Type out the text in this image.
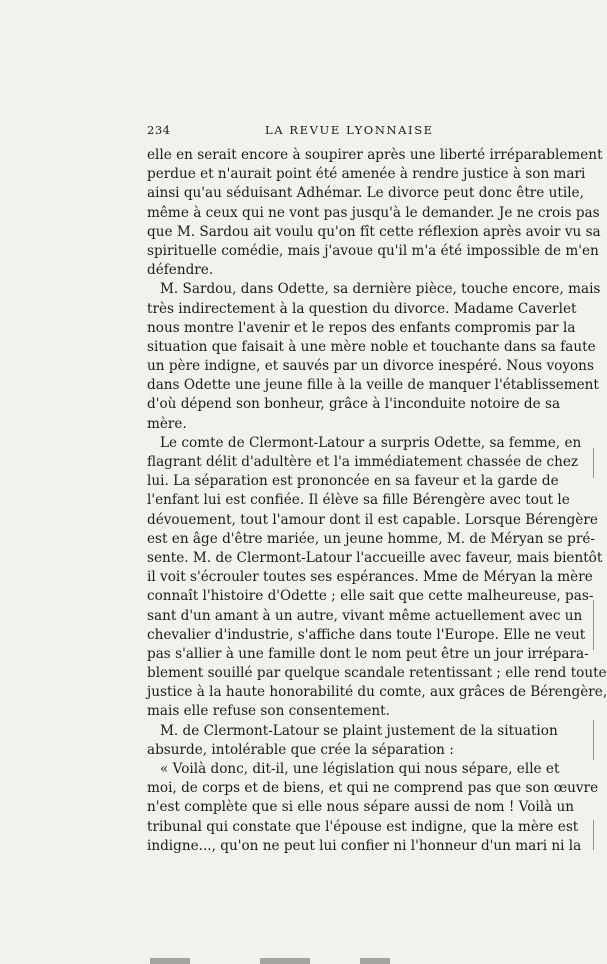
234	LA REVUE LYONNAISE
elle en serait encore à soupirer après une liberté irréparablement
perdue et n'aurait point été amenée à rendre justice à son mari
ainsi qu'au séduisant Adhémar. Le divorce peut donc être utile,
même à ceux qui ne vont pas jusqu'à le demander. Je ne crois pas
que M. Sardou ait voulu qu'on fît cette réflexion après avoir vu sa
spirituelle comédie, mais j'avoue qu'il m'a été impossible de m'en
défendre.
M. Sardou, dans Odette, sa dernière pièce, touche encore, mais
très indirectement à la question du divorce. Madame Caverlet
nous montre l'avenir et le repos des enfants compromis par la
situation que faisait à une mère noble et touchante dans sa faute
un père indigne, et sauvés par un divorce inespéré. Nous voyons
dans Odette une jeune fille à la veille de manquer l'établissement
d'où dépend son bonheur, grâce à l'inconduite notoire de sa
mère.
Le comte de Clermont-Latour a surpris Odette, sa femme, en
flagrant délit d'adultère et l'a immédiatement chassée de chez
lui. La séparation est prononcée en sa faveur et la garde de
l'enfant lui est confiée. Il élève sa fille Bérengère avec tout le
dévouement, tout l'amour dont il est capable. Lorsque Bérengère
est en âge d'être mariée, un jeune homme, M. de Méryan se pré-
sente. M. de Clermont-Latour l'accueille avec faveur, mais bientôt
il voit s'écrouler toutes ses espérances. Mme de Méryan la mère
connaît l'histoire d'Odette ; elle sait que cette malheureuse, pas-
sant d'un amant à un autre, vivant même actuellement avec un
chevalier d'industrie, s'affiche dans toute l'Europe. Elle ne veut
pas s'allier à une famille dont le nom peut être un jour irrépara-
blement souillé par quelque scandale retentissant ; elle rend toute
justice à la haute honorabilité du comte, aux grâces de Bérengère,
mais elle refuse son consentement.
M. de Clermont-Latour se plaint justement de la situation
absurde, intolérable que crée la séparation :
« Voilà donc, dit-il, une législation qui nous sépare, elle et
moi, de corps et de biens, et qui ne comprend pas que son œuvre
n'est complète que si elle nous sépare aussi de nom ! Voilà un
tribunal qui constate que l'épouse est indigne, que la mère est
indigne..., qu'on ne peut lui confier ni l'honneur d'un mari ni la
